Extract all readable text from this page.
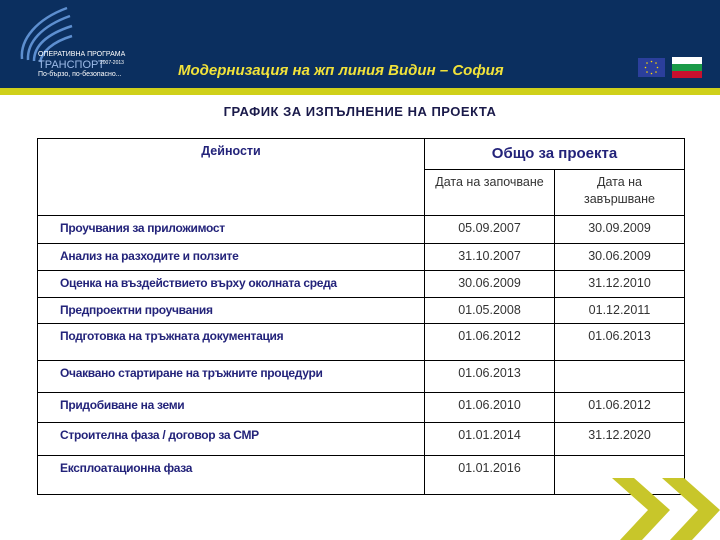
ОПЕРАТИВНА ПРОГРАМА
ТРАНСПОРТ
2007-2013
По-бързо, по-безопасно...	Модернизация на жп линия Видин – София
ГРАФИК ЗА ИЗПЪЛНЕНИЕ НА ПРОЕКТА
Дейности	Общо за проекта	
	Дата на започване	Дата на завършване
Проучвания за приложимост	05.09.2007	30.09.2009
Анализ на разходите и ползите	31.10.2007	30.06.2009
Оценка на въздействието върху околната среда	30.06.2009	31.12.2010
Предпроектни проучвания	01.05.2008	01.12.2011
Подготовка на тръжната документация	01.06.2012	01.06.2013
Очаквано стартиране на тръжните процедури	01.06.2013	
Придобиване на земи	01.06.2010	01.06.2012
Строителна фаза / договор за СМР	01.01.2014	31.12.2020
Експлоатационна фаза	01.01.2016	
